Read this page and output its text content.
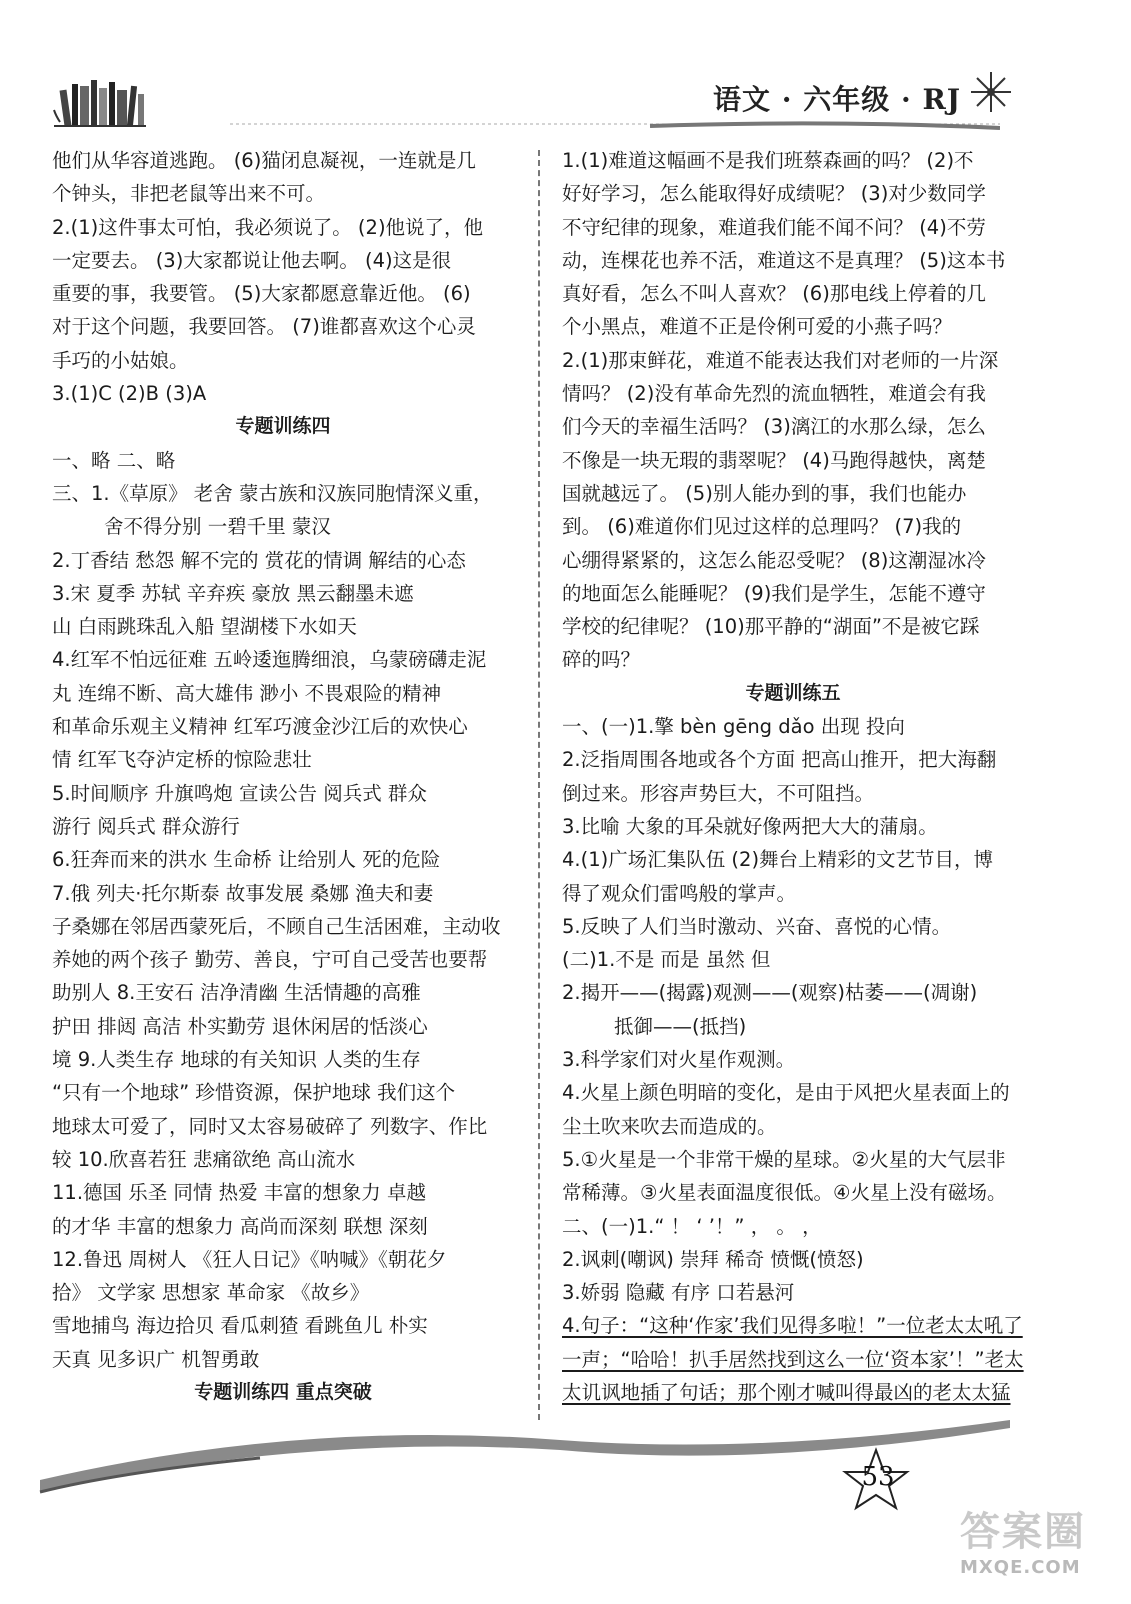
语文 · 六年级 · RJ
他们从华容道逃跑。 (6)猫闭息凝视，一连就是几
个钟头，非把老鼠等出来不可。
2.(1)这件事太可怕，我必须说了。 (2)他说了，他
一定要去。 (3)大家都说让他去啊。 (4)这是很
重要的事，我要管。 (5)大家都愿意靠近他。 (6)
对于这个问题，我要回答。 (7)谁都喜欢这个心灵
手巧的小姑娘。
3.(1)C (2)B (3)A
专题训练四
一、略 二、略
三、1.《草原》 老舍 蒙古族和汉族同胞情深义重，
舍不得分别 一碧千里 蒙汉
2.丁香结 愁怨 解不完的 赏花的情调 解结的心态
3.宋 夏季 苏轼 辛弃疾 豪放 黑云翻墨未遮
山 白雨跳珠乱入船 望湖楼下水如天
4.红军不怕远征难 五岭逶迤腾细浪，乌蒙磅礴走泥
丸 连绵不断、高大雄伟 渺小 不畏艰险的精神
和革命乐观主义精神 红军巧渡金沙江后的欢快心
情 红军飞夺泸定桥的惊险悲壮
5.时间顺序 升旗鸣炮 宣读公告 阅兵式 群众
游行 阅兵式 群众游行
6.狂奔而来的洪水 生命桥 让给别人 死的危险
7.俄 列夫·托尔斯泰 故事发展 桑娜 渔夫和妻
子桑娜在邻居西蒙死后，不顾自己生活困难，主动收
养她的两个孩子 勤劳、善良，宁可自己受苦也要帮
助别人 8.王安石 洁净清幽 生活情趣的高雅
护田 排闼 高洁 朴实勤劳 退休闲居的恬淡心
境 9.人类生存 地球的有关知识 人类的生存
“只有一个地球” 珍惜资源，保护地球 我们这个
地球太可爱了，同时又太容易破碎了 列数字、作比
较 10.欣喜若狂 悲痛欲绝 高山流水
11.德国 乐圣 同情 热爱 丰富的想象力 卓越
的才华 丰富的想象力 高尚而深刻 联想 深刻
12.鲁迅 周树人 《狂人日记》《呐喊》《朝花夕
拾》 文学家 思想家 革命家 《故乡》
雪地捕鸟 海边拾贝 看瓜刺猹 看跳鱼儿 朴实
天真 见多识广 机智勇敢
专题训练四 重点突破
1.(1)难道这幅画不是我们班蔡森画的吗？ (2)不
好好学习，怎么能取得好成绩呢？ (3)对少数同学
不守纪律的现象，难道我们能不闻不问？ (4)不劳
动，连棵花也养不活，难道这不是真理？ (5)这本书
真好看，怎么不叫人喜欢？ (6)那电线上停着的几
个小黑点，难道不正是伶俐可爱的小燕子吗？
2.(1)那束鲜花，难道不能表达我们对老师的一片深
情吗？ (2)没有革命先烈的流血牺牲，难道会有我
们今天的幸福生活吗？ (3)漓江的水那么绿，怎么
不像是一块无瑕的翡翠呢？ (4)马跑得越快，离楚
国就越远了。 (5)别人能办到的事，我们也能办
到。 (6)难道你们见过这样的总理吗？ (7)我的
心绷得紧紧的，这怎么能忍受呢？ (8)这潮湿冰冷
的地面怎么能睡呢？ (9)我们是学生，怎能不遵守
学校的纪律呢？ (10)那平静的“湖面”不是被它踩
碎的吗？
专题训练五
一、(一)1.擎 bèn gēng dǎo 出现 投向
2.泛指周围各地或各个方面 把高山推开，把大海翻
倒过来。形容声势巨大，不可阻挡。
3.比喻 大象的耳朵就好像两把大大的蒲扇。
4.(1)广场汇集队伍 (2)舞台上精彩的文艺节目，博
得了观众们雷鸣般的掌声。
5.反映了人们当时激动、兴奋、喜悦的心情。
(二)1.不是 而是 虽然 但
2.揭开——(揭露)观测——(观察)枯萎——(凋谢)
抵御——(抵挡)
3.科学家们对火星作观测。
4.火星上颜色明暗的变化，是由于风把火星表面上的
尘土吹来吹去而造成的。
5.①火星是一个非常干燥的星球。②火星的大气层非
常稀薄。③火星表面温度很低。④火星上没有磁场。
二、(一)1.“ ！ ‘ ’！” ， 。 ，
2.讽刺(嘲讽) 崇拜 稀奇 愤慨(愤怒)
3.娇弱 隐藏 有序 口若悬河
4.句子：“这种‘作家’我们见得多啦！”一位老太太吼了
一声；“哈哈！扒手居然找到这么一位‘资本家’！”老太
太讥讽地插了句话；那个刚才喊叫得最凶的老太太猛
53
答案圈
MXQE.COM
